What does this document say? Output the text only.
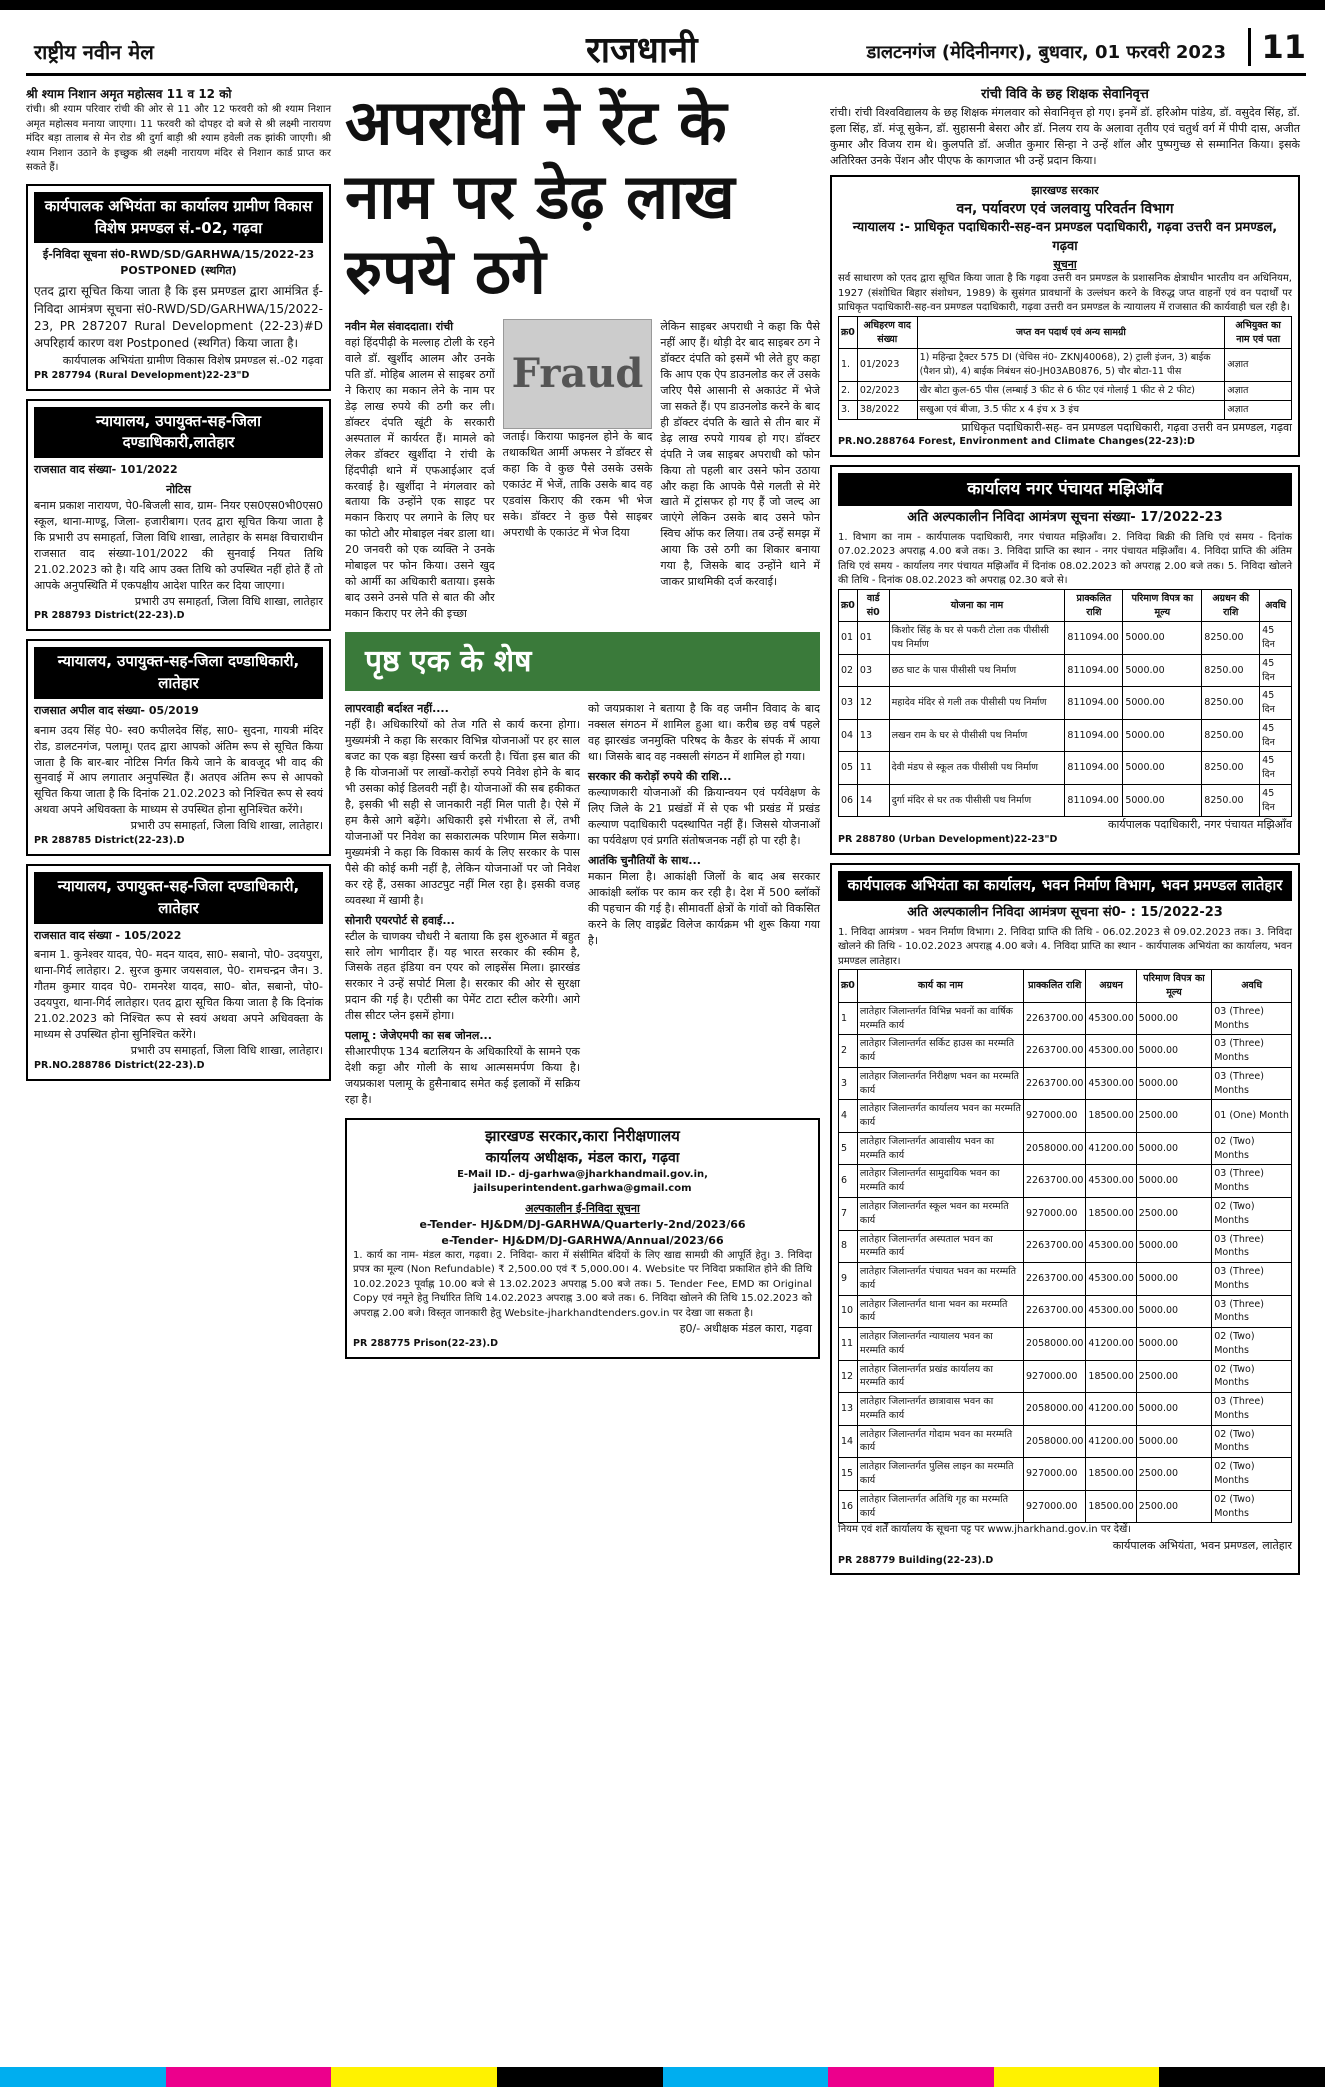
राष्ट्रीय नवीन मेल	राजधानी	डालटनगंज (मेदिनीनगर), बुधवार, 01 फरवरी 2023	11
श्री श्याम निशान अमृत महोत्सव 11 व 12 को
रांची। श्री श्याम परिवार रांची की ओर से 11 और 12 फरवरी को श्री श्याम निशान अमृत महोत्सव मनाया जाएगा। 11 फरवरी को दोपहर दो बजे से श्री लक्ष्मी नारायण मंदिर बड़ा तालाब से मेन रोड श्री दुर्गा बाड़ी श्री श्याम हवेली तक झांकी जाएगी। श्री श्याम निशान उठाने के इच्छुक श्री लक्ष्मी नारायण मंदिर से निशान कार्ड प्राप्त कर सकते हैं।
कार्यपालक अभियंता का कार्यालय ग्रामीण विकास विशेष प्रमण्डल सं.-02, गढ़वा
ई-निविदा सूचना सं0-RWD/SD/GARHWA/15/2022-23 POSTPONED (स्थगित)
एतद द्वारा सूचित किया जाता है कि इस प्रमण्डल द्वारा आमंत्रित ई-निविदा आमंत्रण सूचना सं0-RWD/SD/GARHWA/15/2022-23, PR 287207 Rural Development (22-23)#D अपरिहार्य कारण वश Postponed (स्थगित) किया जाता है।
कार्यपालक अभियंता ग्रामीण विकास विशेष प्रमण्डल सं.-02 गढ़वा
PR 287794 (Rural Development)22-23"D
न्यायालय, उपायुक्त-सह-जिला दण्डाधिकारी,लातेहार
राजसात वाद संख्या- 101/2022
नोटिस
बनाम प्रकाश नारायण, पे0-बिजली साव, ग्राम- नियर एस0एस0भी0एस0 स्कूल, थाना-माण्डू, जिला- हजारीबाग। एतद द्वारा सूचित किया जाता है कि प्रभारी उप समाहर्ता, जिला विधि शाखा, लातेहार के समक्ष विचाराधीन राजसात वाद संख्या-101/2022 की सुनवाई नियत तिथि 21.02.2023 को है। यदि आप उक्त तिथि को उपस्थित नहीं होते हैं तो आपके अनुपस्थिति में एकपक्षीय आदेश पारित कर दिया जाएगा।
प्रभारी उप समाहर्ता, जिला विधि शाखा, लातेहार
PR 288793 District(22-23).D
न्यायालय, उपायुक्त-सह-जिला दण्डाधिकारी, लातेहार
राजसात अपील वाद संख्या- 05/2019
बनाम उदय सिंह पे0- स्व0 कपीलदेव सिंह, सा0- सुदना, गायत्री मंदिर रोड, डालटनगंज, पलामू। एतद द्वारा आपको अंतिम रूप से सूचित किया जाता है कि बार-बार नोटिस निर्गत किये जाने के बावजूद भी वाद की सुनवाई में आप लगातार अनुपस्थित हैं। अतएव अंतिम रूप से आपको सूचित किया जाता है कि दिनांक 21.02.2023 को निश्चित रूप से स्वयं अथवा अपने अधिवक्ता के माध्यम से उपस्थित होना सुनिश्चित करेंगे।
प्रभारी उप समाहर्ता, जिला विधि शाखा, लातेहार।
PR 288785 District(22-23).D
न्यायालय, उपायुक्त-सह-जिला दण्डाधिकारी, लातेहार
राजसात वाद संख्या - 105/2022
बनाम 1. कुनेश्वर यादव, पे0- मदन यादव, सा0- सबानो, पो0- उदयपुरा, थाना-गिर्द लातेहार। 2. सुरज कुमार जयसवाल, पे0- रामचन्द्रन जैन। 3. गौतम कुमार यादव पे0- रामनरेश यादव, सा0- बोत, सबानो, पो0- उदयपुरा, थाना-गिर्द लातेहार। एतद द्वारा सूचित किया जाता है कि दिनांक 21.02.2023 को निश्चित रूप से स्वयं अथवा अपने अधिवक्ता के माध्यम से उपस्थित होना सुनिश्चित करेंगे।
प्रभारी उप समाहर्ता, जिला विधि शाखा, लातेहार।
PR.NO.288786 District(22-23).D
अपराधी ने रेंट के नाम पर डेढ़ लाख रुपये ठगे
नवीन मेल संवाददाता। रांची
वहां हिंदपीढ़ी के मल्लाह टोली के रहने वाले डॉ. खुर्शीद आलम और उनके पति डॉ. मोहिब आलम से साइबर ठगों ने किराए का मकान लेने के नाम पर डेढ़ लाख रुपये की ठगी कर ली। डॉक्टर दंपति खूंटी के सरकारी अस्पताल में कार्यरत हैं। मामले को लेकर डॉक्टर खुर्शीदा ने रांची के हिंदपीढ़ी थाने में एफआईआर दर्ज करवाई है। खुर्शीदा ने मंगलवार को बताया कि उन्होंने एक साइट पर मकान किराए पर लगाने के लिए घर का फोटो और मोबाइल नंबर डाला था। 20 जनवरी को एक व्यक्ति ने उनके मोबाइल पर फोन किया। उसने खुद को आर्मी का अधिकारी बताया। इसके बाद उसने उनसे पति से बात की और मकान किराए पर लेने की इच्छा
Fraud
जताई। किराया फाइनल होने के बाद तथाकथित आर्मी अफसर ने डॉक्टर से कहा कि वे कुछ पैसे उसके उसके एकाउंट में भेजें, ताकि उसके बाद वह एडवांस किराए की रकम भी भेज सके। डॉक्टर ने कुछ पैसे साइबर अपराधी के एकाउंट में भेज दिया
लेकिन साइबर अपराधी ने कहा कि पैसे नहीं आए हैं। थोड़ी देर बाद साइबर ठग ने डॉक्टर दंपति को इसमें भी लेते हुए कहा कि आप एक ऐप डाउनलोड कर लें उसके जरिए पैसे आसानी से अकाउंट में भेजे जा सकते हैं। एप डाउनलोड करने के बाद ही डॉक्टर दंपति के खाते से तीन बार में डेढ़ लाख रुपये गायब हो गए। डॉक्टर दंपति ने जब साइबर अपराधी को फोन किया तो पहली बार उसने फोन उठाया और कहा कि आपके पैसे गलती से मेरे खाते में ट्रांसफर हो गए हैं जो जल्द आ जाएंगे लेकिन उसके बाद उसने फोन स्विच ऑफ कर लिया। तब उन्हें समझ में आया कि उसे ठगी का शिकार बनाया गया है, जिसके बाद उन्होंने थाने में जाकर प्राथमिकी दर्ज करवाई।
पृष्ठ एक के शेष
लापरवाही बर्दाश्त नहीं....
नहीं है। अधिकारियों को तेज गति से कार्य करना होगा। मुख्यमंत्री ने कहा कि सरकार विभिन्न योजनाओं पर हर साल बजट का एक बड़ा हिस्सा खर्च करती है। चिंता इस बात की है कि योजनाओं पर लाखों-करोड़ों रुपये निवेश होने के बाद भी उसका कोई डिलवरी नहीं है। योजनाओं की सब हकीकत है, इसकी भी सही से जानकारी नहीं मिल पाती है। ऐसे में हम कैसे आगे बढ़ेंगे। अधिकारी इसे गंभीरता से लें, तभी योजनाओं पर निवेश का सकारात्मक परिणाम मिल सकेगा। मुख्यमंत्री ने कहा कि विकास कार्य के लिए सरकार के पास पैसे की कोई कमी नहीं है, लेकिन योजनाओं पर जो निवेश कर रहे हैं, उसका आउटपुट नहीं मिल रहा है। इसकी वजह व्यवस्था में खामी है।
सोनारी एयरपोर्ट से हवाई...
स्टील के चाणक्य चौधरी ने बताया कि इस शुरुआत में बहुत सारे लोग भागीदार हैं। यह भारत सरकार की स्कीम है, जिसके तहत इंडिया वन एयर को लाइसेंस मिला। झारखंड सरकार ने उन्हें सपोर्ट मिला है। सरकार की ओर से सुरक्षा प्रदान की गई है। एटीसी का पेमेंट टाटा स्टील करेगी। आगे तीस सीटर प्लेन इसमें होगा।
पलामू : जेजेएमपी का सब जोनल...
सीआरपीएफ 134 बटालियन के अधिकारियों के सामने एक देशी कट्टा और गोली के साथ आत्मसमर्पण किया है। जयप्रकाश पलामू के हुसैनाबाद समेत कई इलाकों में सक्रिय रहा है।
को जयप्रकाश ने बताया है कि वह जमीन विवाद के बाद नक्सल संगठन में शामिल हुआ था। करीब छह वर्ष पहले वह झारखंड जनमुक्ति परिषद के कैडर के संपर्क में आया था। जिसके बाद वह नक्सली संगठन में शामिल हो गया।
सरकार की करोड़ों रुपये की राशि...
कल्याणकारी योजनाओं की क्रियान्वयन एवं पर्यवेक्षण के लिए जिले के 21 प्रखंडों में से एक भी प्रखंड में प्रखंड कल्याण पदाधिकारी पदस्थापित नहीं हैं। जिससे योजनाओं का पर्यवेक्षण एवं प्रगति संतोषजनक नहीं हो पा रही है।
आतंकि चुनौतियों के साथ...
मकान मिला है। आकांक्षी जिलों के बाद अब सरकार आकांक्षी ब्लॉक पर काम कर रही है। देश में 500 ब्लॉकों की पहचान की गई है। सीमावर्ती क्षेत्रों के गांवों को विकसित करने के लिए वाइब्रेंट विलेज कार्यक्रम भी शुरू किया गया है।
झारखण्ड सरकार,कारा निरीक्षणालय
कार्यालय अधीक्षक, मंडल कारा, गढ़वा
E-Mail ID.- dj-garhwa@jharkhandmail.gov.in, jailsuperintendent.garhwa@gmail.com
अल्पकालीन ई-निविदा सूचना
e-Tender- HJ&DM/DJ-GARHWA/Quarterly-2nd/2023/66
e-Tender- HJ&DM/DJ-GARHWA/Annual/2023/66
1. कार्य का नाम- मंडल कारा, गढ़वा। 2. निविदा- कारा में संसीमित बंदियों के लिए खाद्य सामग्री की आपूर्ति हेतु। 3. निविदा प्रपत्र का मूल्य (Non Refundable) ₹ 2,500.00 एवं ₹ 5,000.00। 4. Website पर निविदा प्रकाशित होने की तिथि 10.02.2023 पूर्वाह्न 10.00 बजे से 13.02.2023 अपराह्न 5.00 बजे तक। 5. Tender Fee, EMD का Original Copy एवं नमूने हेतु निर्धारित तिथि 14.02.2023 अपराह्न 3.00 बजे तक। 6. निविदा खोलने की तिथि 15.02.2023 को अपराह्न 2.00 बजे। विस्तृत जानकारी हेतु Website-jharkhandtenders.gov.in पर देखा जा सकता है।
ह0/- अधीक्षक मंडल कारा, गढ़वा
PR 288775 Prison(22-23).D
रांची विवि के छह शिक्षक सेवानिवृत्त
रांची। रांची विश्वविद्यालय के छह शिक्षक मंगलवार को सेवानिवृत्त हो गए। इनमें डॉ. हरिओम पांडेय, डॉ. वसुदेव सिंह, डॉ. इला सिंह, डॉ. मंजू सुकेन, डॉ. सुहासनी बेसरा और डॉ. निलय राय के अलावा तृतीय एवं चतुर्थ वर्ग में पीपी दास, अजीत कुमार और विजय राम थे। कुलपति डॉ. अजीत कुमार सिन्हा ने उन्हें शॉल और पुष्पगुच्छ से सम्मानित किया। इसके अतिरिक्त उनके पेंशन और पीएफ के कागजात भी उन्हें प्रदान किया।
झारखण्ड सरकार
वन, पर्यावरण एवं जलवायु परिवर्तन विभाग
न्यायालय :- प्राधिकृत पदाधिकारी-सह-वन प्रमण्डल पदाधिकारी, गढ़वा उत्तरी वन प्रमण्डल, गढ़वा
सूचना
सर्व साधारण को एतद द्वारा सूचित किया जाता है कि गढ़वा उत्तरी वन प्रमण्डल के प्रशासनिक क्षेत्राधीन भारतीय वन अधिनियम, 1927 (संशोधित बिहार संशोधन, 1989) के सुसंगत प्रावधानों के उल्लंघन करने के विरुद्ध जप्त वाहनों एवं वन पदार्थों पर प्राधिकृत पदाधिकारी-सह-वन प्रमण्डल पदाधिकारी, गढ़वा उत्तरी वन प्रमण्डल के न्यायालय में राजसात की कार्यवाही चल रही है।
क्र0	अधिहरण वाद संख्या	जप्त वन पदार्थ एवं अन्य सामग्री	अभियुक्त का नाम एवं पता
1.	01/2023	1) महिन्द्रा ट्रैक्टर 575 DI (चेचिस नं0- ZKNJ40068), 2) ट्राली इंजन, 3) बाईक (पैशन प्रो), 4) बाईक निबंधन सं0-JH03AB0876, 5) चौर बोटा-11 पीस	अज्ञात
2.	02/2023	खैर बोटा कुल-65 पीस (लम्बाई 3 फीट से 6 फीट एवं गोलाई 1 फीट से 2 फीट)	अज्ञात
3.	38/2022	सखुआ एवं बीजा, 3.5 फीट x 4 इंच x 3 इंच	अज्ञात
प्राधिकृत पदाधिकारी-सह- वन प्रमण्डल पदाधिकारी, गढ़वा उत्तरी वन प्रमण्डल, गढ़वा
PR.NO.288764 Forest, Environment and Climate Changes(22-23):D
कार्यालय नगर पंचायत मझिआँव
अति अल्पकालीन निविदा आमंत्रण सूचना संख्या- 17/2022-23
1. विभाग का नाम - कार्यपालक पदाधिकारी, नगर पंचायत मझिआँव। 2. निविदा बिक्री की तिथि एवं समय - दिनांक 07.02.2023 अपराह्न 4.00 बजे तक। 3. निविदा प्राप्ति का स्थान - नगर पंचायत मझिआँव। 4. निविदा प्राप्ति की अंतिम तिथि एवं समय - कार्यालय नगर पंचायत मझिआँव में दिनांक 08.02.2023 को अपराह्न 2.00 बजे तक। 5. निविदा खोलने की तिथि - दिनांक 08.02.2023 को अपराह्न 02.30 बजे से।
क्र0	वार्ड सं0	योजना का नाम	प्राक्कलित राशि	परिमाण विपत्र का मूल्य	अग्रधन की राशि	अवधि
01	01	किशोर सिंह के घर से पकरी टोला तक पीसीसी पथ निर्माण	811094.00	5000.00	8250.00	45 दिन
02	03	छठ घाट के पास पीसीसी पथ निर्माण	811094.00	5000.00	8250.00	45 दिन
03	12	महादेव मंदिर से गली तक पीसीसी पथ निर्माण	811094.00	5000.00	8250.00	45 दिन
04	13	लखन राम के घर से पीसीसी पथ निर्माण	811094.00	5000.00	8250.00	45 दिन
05	11	देवी मंडप से स्कूल तक पीसीसी पथ निर्माण	811094.00	5000.00	8250.00	45 दिन
06	14	दुर्गा मंदिर से घर तक पीसीसी पथ निर्माण	811094.00	5000.00	8250.00	45 दिन
कार्यपालक पदाधिकारी, नगर पंचायत मझिआँव
PR 288780 (Urban Development)22-23"D
कार्यपालक अभियंता का कार्यालय, भवन निर्माण विभाग, भवन प्रमण्डल लातेहार
अति अल्पकालीन निविदा आमंत्रण सूचना सं0- : 15/2022-23
1. निविदा आमंत्रण - भवन निर्माण विभाग। 2. निविदा प्राप्ति की तिथि - 06.02.2023 से 09.02.2023 तक। 3. निविदा खोलने की तिथि - 10.02.2023 अपराह्न 4.00 बजे। 4. निविदा प्राप्ति का स्थान - कार्यपालक अभियंता का कार्यालय, भवन प्रमण्डल लातेहार।
क्र0	कार्य का नाम	प्राक्कलित राशि	अग्रधन	परिमाण विपत्र का मूल्य	अवधि
1	लातेहार जिलान्तर्गत विभिन्न भवनों का वार्षिक मरम्मति कार्य	2263700.00	45300.00	5000.00	03 (Three) Months
2	लातेहार जिलान्तर्गत सर्किट हाउस का मरम्मति कार्य	2263700.00	45300.00	5000.00	03 (Three) Months
3	लातेहार जिलान्तर्गत निरीक्षण भवन का मरम्मति कार्य	2263700.00	45300.00	5000.00	03 (Three) Months
4	लातेहार जिलान्तर्गत कार्यालय भवन का मरम्मति कार्य	927000.00	18500.00	2500.00	01 (One) Month
5	लातेहार जिलान्तर्गत आवासीय भवन का मरम्मति कार्य	2058000.00	41200.00	5000.00	02 (Two) Months
6	लातेहार जिलान्तर्गत सामुदायिक भवन का मरम्मति कार्य	2263700.00	45300.00	5000.00	03 (Three) Months
7	लातेहार जिलान्तर्गत स्कूल भवन का मरम्मति कार्य	927000.00	18500.00	2500.00	02 (Two) Months
8	लातेहार जिलान्तर्गत अस्पताल भवन का मरम्मति कार्य	2263700.00	45300.00	5000.00	03 (Three) Months
9	लातेहार जिलान्तर्गत पंचायत भवन का मरम्मति कार्य	2263700.00	45300.00	5000.00	03 (Three) Months
10	लातेहार जिलान्तर्गत थाना भवन का मरम्मति कार्य	2263700.00	45300.00	5000.00	03 (Three) Months
11	लातेहार जिलान्तर्गत न्यायालय भवन का मरम्मति कार्य	2058000.00	41200.00	5000.00	02 (Two) Months
12	लातेहार जिलान्तर्गत प्रखंड कार्यालय का मरम्मति कार्य	927000.00	18500.00	2500.00	02 (Two) Months
13	लातेहार जिलान्तर्गत छात्रावास भवन का मरम्मति कार्य	2058000.00	41200.00	5000.00	03 (Three) Months
14	लातेहार जिलान्तर्गत गोदाम भवन का मरम्मति कार्य	2058000.00	41200.00	5000.00	02 (Two) Months
15	लातेहार जिलान्तर्गत पुलिस लाइन का मरम्मति कार्य	927000.00	18500.00	2500.00	02 (Two) Months
16	लातेहार जिलान्तर्गत अतिथि गृह का मरम्मति कार्य	927000.00	18500.00	2500.00	02 (Two) Months
नियम एवं शर्तें कार्यालय के सूचना पट्ट पर www.jharkhand.gov.in पर देखें।
कार्यपालक अभियंता, भवन प्रमण्डल, लातेहार
PR 288779 Building(22-23).D
